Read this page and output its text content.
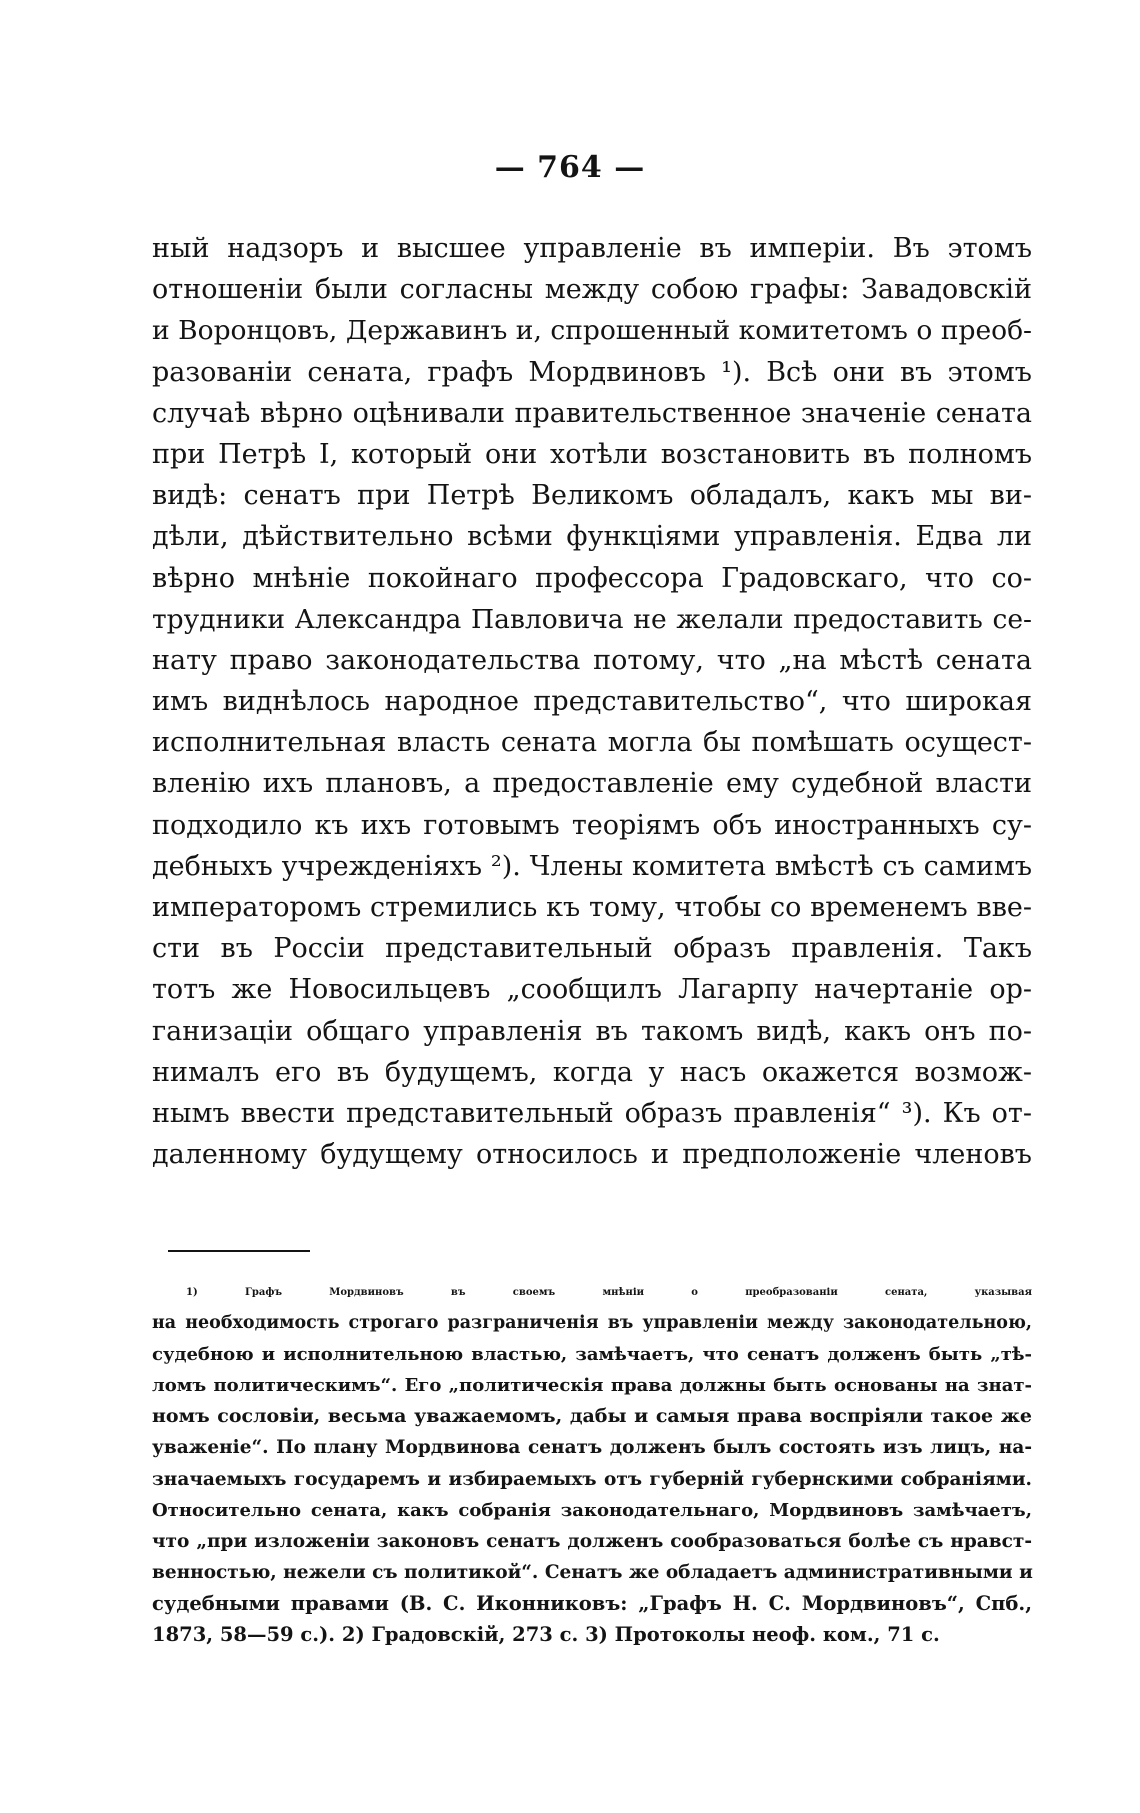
— 764 —
ный надзоръ и высшее управленіе въ имперіи. Въ этомъ
отношеніи были согласны между собою графы: Завадовскій
и Воронцовъ, Державинъ и, спрошенный комитетомъ о преоб-
разованіи сената, графъ Мордвиновъ ¹). Всѣ они въ этомъ
случаѣ вѣрно оцѣнивали правительственное значеніе сената
при Петрѣ I, который они хотѣли возстановить въ полномъ
видѣ: сенатъ при Петрѣ Великомъ обладалъ, какъ мы ви-
дѣли, дѣйствительно всѣми функціями управленія. Едва ли
вѣрно мнѣніе покойнаго профессора Градовскаго, что со-
трудники Александра Павловича не желали предоставить се-
нату право законодательства потому, что „на мѣстѣ сената
имъ виднѣлось народное представительство“, что широкая
исполнительная власть сената могла бы помѣшать осущест-
вленію ихъ плановъ, а предоставленіе ему судебной власти
подходило къ ихъ готовымъ теоріямъ объ иностранныхъ су-
дебныхъ учрежденіяхъ ²). Члены комитета вмѣстѣ съ самимъ
императоромъ стремились къ тому, чтобы со временемъ вве-
сти въ Россіи представительный образъ правленія. Такъ
тотъ же Новосильцевъ „сообщилъ Лагарпу начертаніе ор-
ганизаціи общаго управленія въ такомъ видѣ, какъ онъ по-
нималъ его въ будущемъ, когда у насъ окажется возмож-
нымъ ввести представительный образъ правленія“ ³). Къ от-
даленному будущему относилось и предположеніе членовъ
1) Графъ Мордвиновъ въ своемъ мнѣніи о преобразованіи сената, указывая
на необходимость строгаго разграниченія въ управленіи между законодательною,
судебною и исполнительною властью, замѣчаетъ, что сенатъ долженъ быть „тѣ-
ломъ политическимъ“. Его „политическія права должны быть основаны на знат-
номъ сословіи, весьма уважаемомъ, дабы и самыя права воспріяли такое же
уваженіе“. По плану Мордвинова сенатъ долженъ былъ состоять изъ лицъ, на-
значаемыхъ государемъ и избираемыхъ отъ губерній губернскими собраніями.
Относительно сената, какъ собранія законодательнаго, Мордвиновъ замѣчаетъ,
что „при изложеніи законовъ сенатъ долженъ сообразоваться болѣе съ нравст-
венностью, нежели съ политикой“. Сенатъ же обладаетъ административными и
судебными правами (В. С. Иконниковъ: „Графъ Н. С. Мордвиновъ“, Спб.,
1873, 58—59 с.). 2) Градовскій, 273 с. 3) Протоколы неоф. ком., 71 с.
